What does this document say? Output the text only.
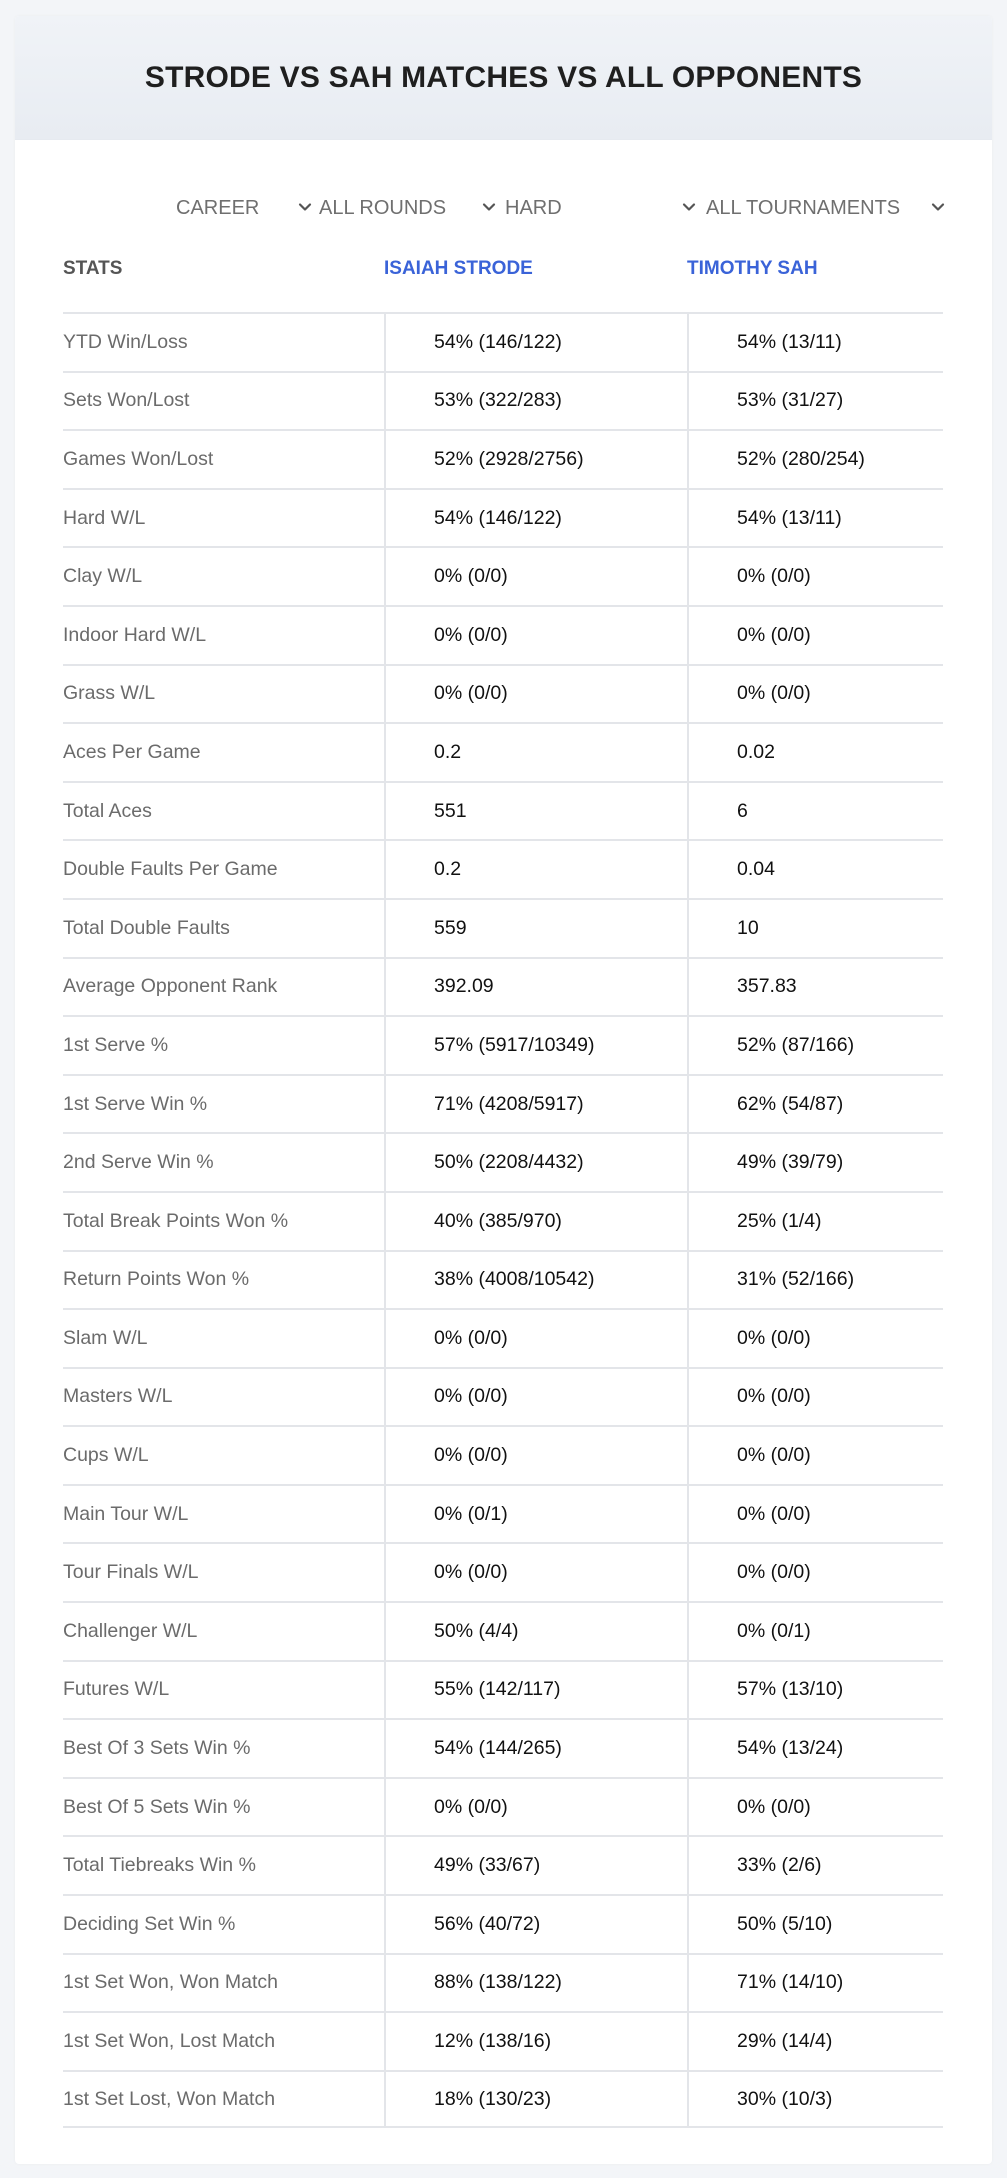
STRODE VS SAH MATCHES VS ALL OPPONENTS
CAREER	ALL ROUNDS	HARD	ALL TOURNAMENTS
STATS	ISAIAH STRODE	TIMOTHY SAH
YTD Win/Loss	54% (146/122)	54% (13/11)
Sets Won/Lost	53% (322/283)	53% (31/27)
Games Won/Lost	52% (2928/2756)	52% (280/254)
Hard W/L	54% (146/122)	54% (13/11)
Clay W/L	0% (0/0)	0% (0/0)
Indoor Hard W/L	0% (0/0)	0% (0/0)
Grass W/L	0% (0/0)	0% (0/0)
Aces Per Game	0.2	0.02
Total Aces	551	6
Double Faults Per Game	0.2	0.04
Total Double Faults	559	10
Average Opponent Rank	392.09	357.83
1st Serve %	57% (5917/10349)	52% (87/166)
1st Serve Win %	71% (4208/5917)	62% (54/87)
2nd Serve Win %	50% (2208/4432)	49% (39/79)
Total Break Points Won %	40% (385/970)	25% (1/4)
Return Points Won %	38% (4008/10542)	31% (52/166)
Slam W/L	0% (0/0)	0% (0/0)
Masters W/L	0% (0/0)	0% (0/0)
Cups W/L	0% (0/0)	0% (0/0)
Main Tour W/L	0% (0/1)	0% (0/0)
Tour Finals W/L	0% (0/0)	0% (0/0)
Challenger W/L	50% (4/4)	0% (0/1)
Futures W/L	55% (142/117)	57% (13/10)
Best Of 3 Sets Win %	54% (144/265)	54% (13/24)
Best Of 5 Sets Win %	0% (0/0)	0% (0/0)
Total Tiebreaks Win %	49% (33/67)	33% (2/6)
Deciding Set Win %	56% (40/72)	50% (5/10)
1st Set Won, Won Match	88% (138/122)	71% (14/10)
1st Set Won, Lost Match	12% (138/16)	29% (14/4)
1st Set Lost, Won Match	18% (130/23)	30% (10/3)
